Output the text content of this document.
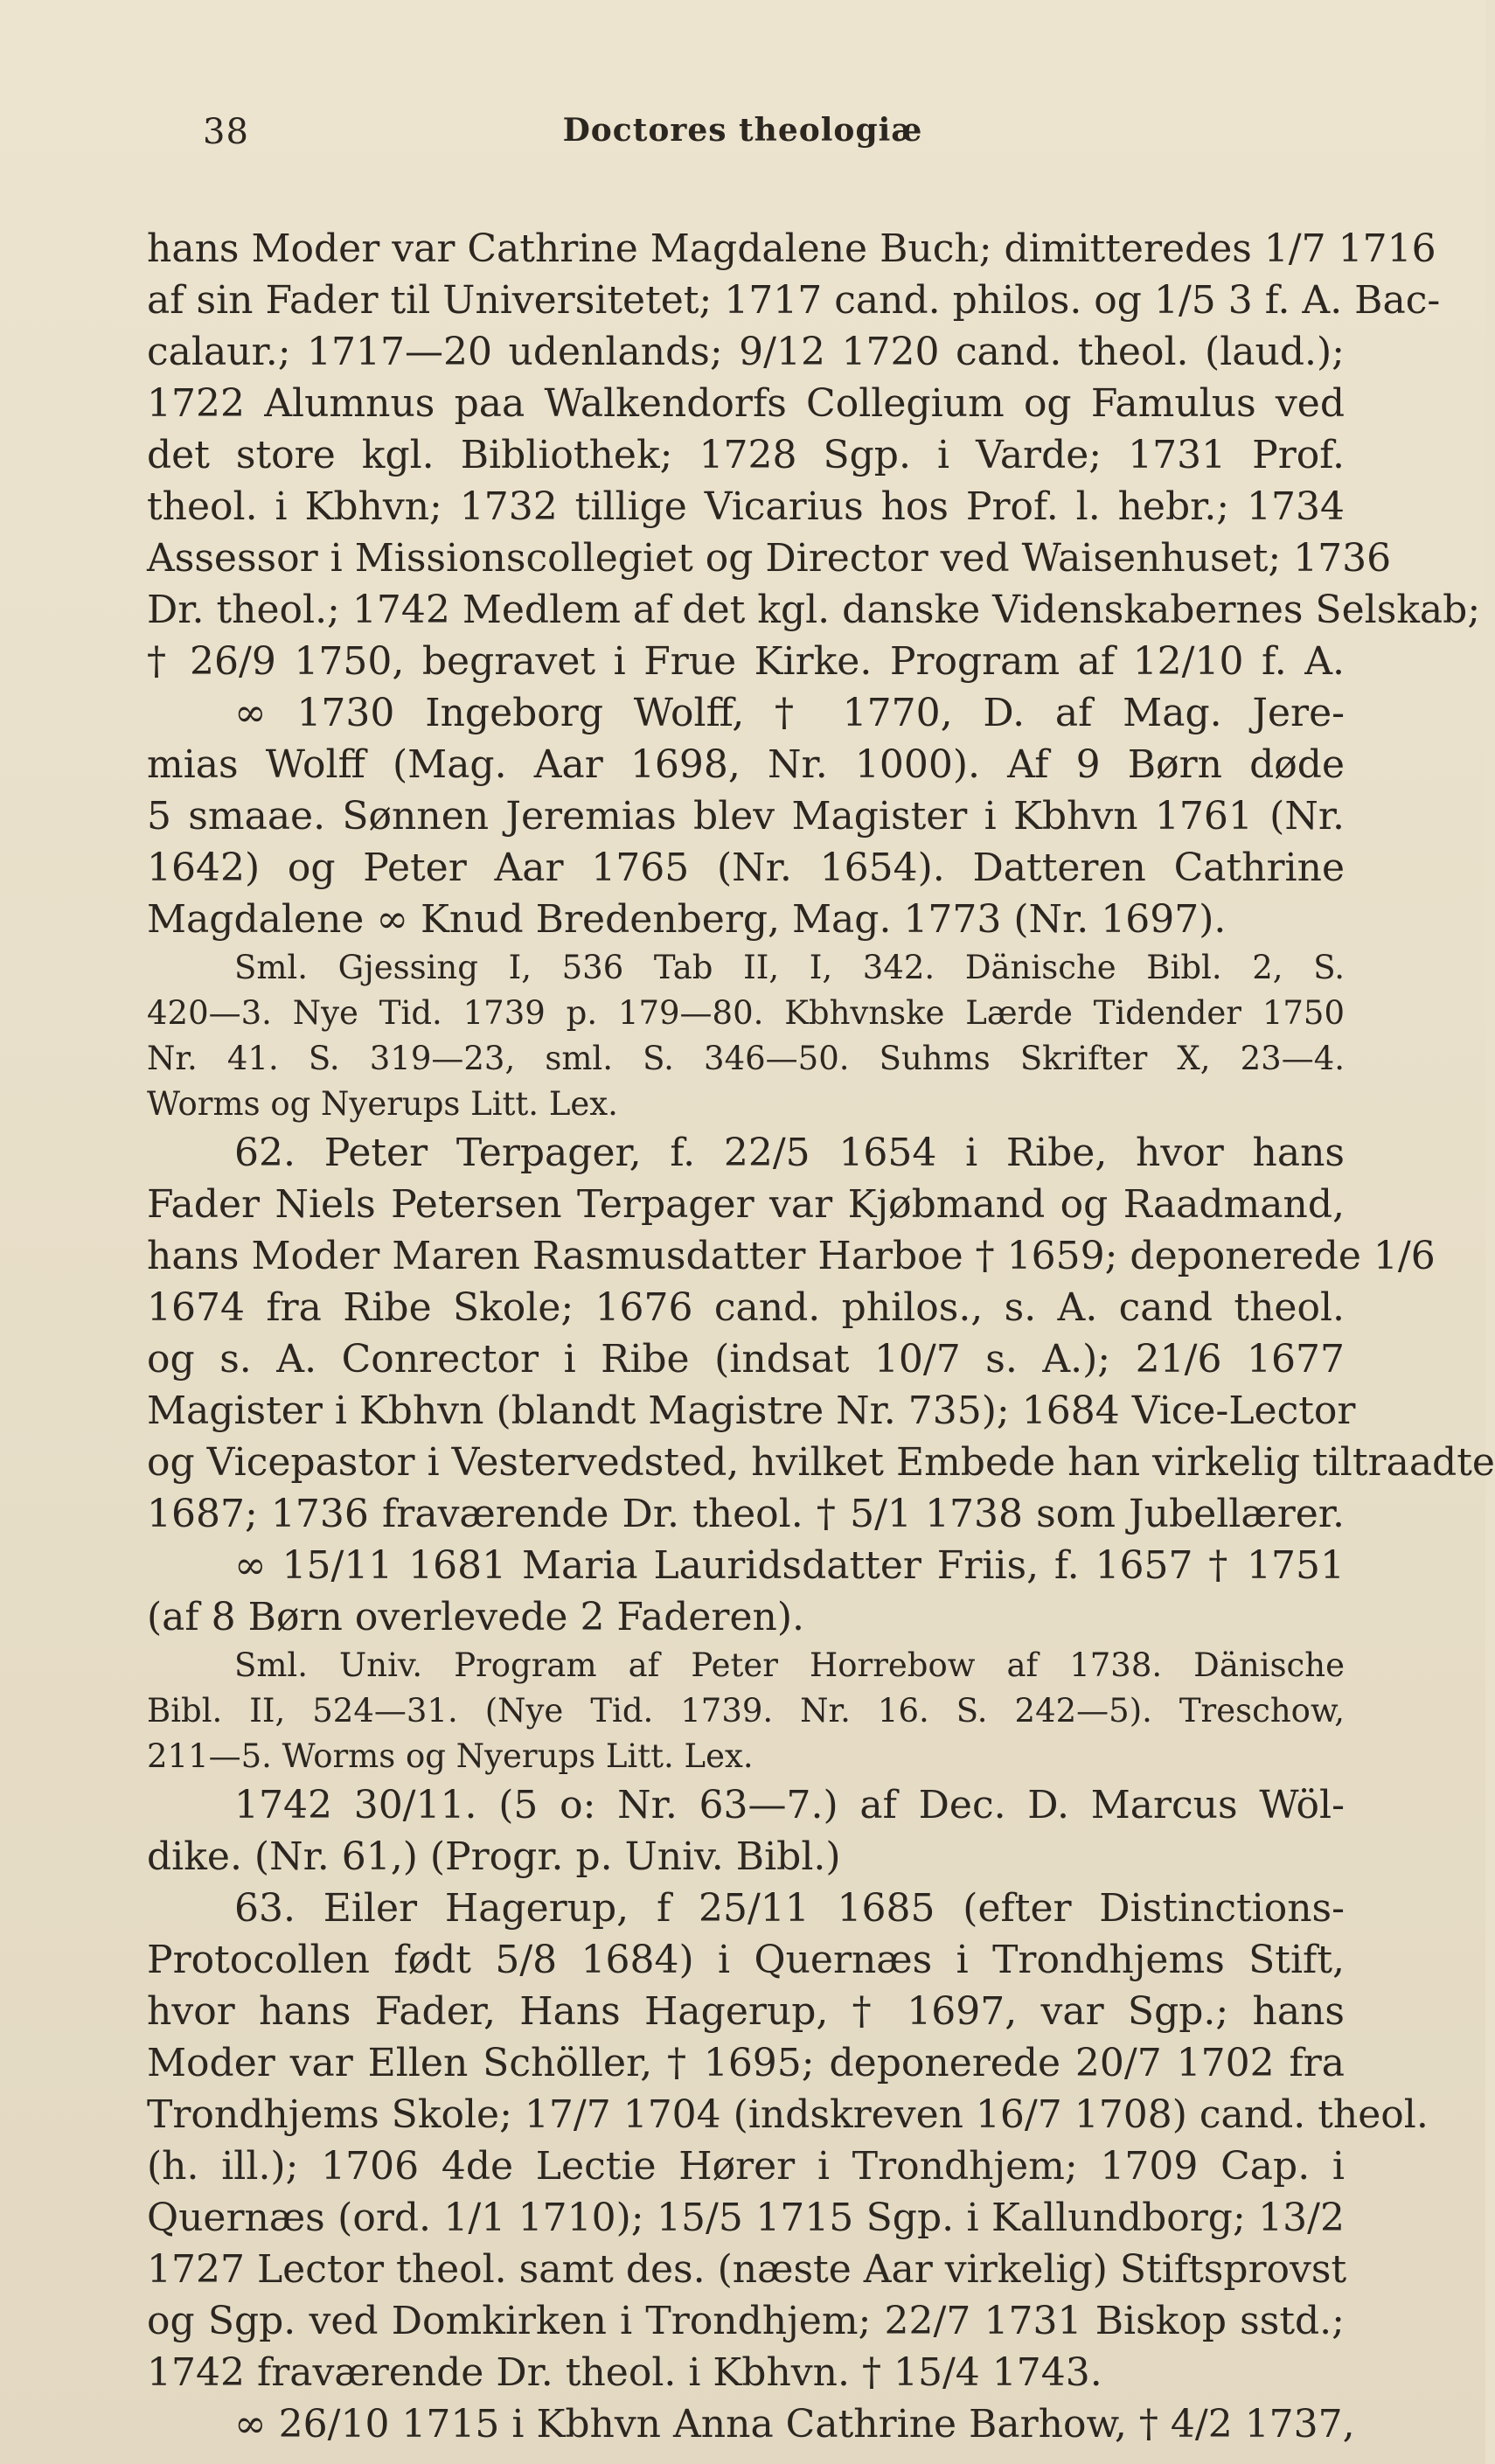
38	Doctores theologiæ
hans Moder var Cathrine Magdalene Buch; dimitteredes 1/7 1716
af sin Fader til Universitetet; 1717 cand. philos. og 1/5 3 f. A. Bac-
calaur.; 1717—20 udenlands; 9/12 1720 cand. theol. (laud.);
1722 Alumnus paa Walkendorfs Collegium og Famulus ved
det store kgl. Bibliothek; 1728 Sgp. i Varde; 1731 Prof.
theol. i Kbhvn; 1732 tillige Vicarius hos Prof. l. hebr.; 1734
Assessor i Missionscollegiet og Director ved Waisenhuset; 1736
Dr. theol.; 1742 Medlem af det kgl. danske Videnskabernes Selskab;
† 26/9 1750, begravet i Frue Kirke. Program af 12/10 f. A.
∞ 1730 Ingeborg Wolff, † 1770, D. af Mag. Jere-
mias Wolff (Mag. Aar 1698, Nr. 1000). Af 9 Børn døde
5 smaae. Sønnen Jeremias blev Magister i Kbhvn 1761 (Nr.
1642) og Peter Aar 1765 (Nr. 1654). Datteren Cathrine
Magdalene ∞ Knud Bredenberg, Mag. 1773 (Nr. 1697).
Sml. Gjessing I, 536 Tab II, I, 342. Dänische Bibl. 2, S.
420—3. Nye Tid. 1739 p. 179—80. Kbhvnske Lærde Tidender 1750
Nr. 41. S. 319—23, sml. S. 346—50. Suhms Skrifter X, 23—4.
Worms og Nyerups Litt. Lex.
62. Peter Terpager, f. 22/5 1654 i Ribe, hvor hans
Fader Niels Petersen Terpager var Kjøbmand og Raadmand,
hans Moder Maren Rasmusdatter Harboe † 1659; deponerede 1/6
1674 fra Ribe Skole; 1676 cand. philos., s. A. cand theol.
og s. A. Conrector i Ribe (indsat 10/7 s. A.); 21/6 1677
Magister i Kbhvn (blandt Magistre Nr. 735); 1684 Vice-Lector
og Vicepastor i Vestervedsted, hvilket Embede han virkelig tiltraadte
1687; 1736 fraværende Dr. theol. † 5/1 1738 som Jubellærer.
∞ 15/11 1681 Maria Lauridsdatter Friis, f. 1657 † 1751
(af 8 Børn overlevede 2 Faderen).
Sml. Univ. Program af Peter Horrebow af 1738. Dänische
Bibl. II, 524—31. (Nye Tid. 1739. Nr. 16. S. 242—5). Treschow,
211—5. Worms og Nyerups Litt. Lex.
1742 30/11. (5 o: Nr. 63—7.) af Dec. D. Marcus Wöl-
dike. (Nr. 61,) (Progr. p. Univ. Bibl.)
63. Eiler Hagerup, f 25/11 1685 (efter Distinctions-
Protocollen født 5/8 1684) i Quernæs i Trondhjems Stift,
hvor hans Fader, Hans Hagerup, † 1697, var Sgp.; hans
Moder var Ellen Schöller, † 1695; deponerede 20/7 1702 fra
Trondhjems Skole; 17/7 1704 (indskreven 16/7 1708) cand. theol.
(h. ill.); 1706 4de Lectie Hører i Trondhjem; 1709 Cap. i
Quernæs (ord. 1/1 1710); 15/5 1715 Sgp. i Kallundborg; 13/2
1727 Lector theol. samt des. (næste Aar virkelig) Stiftsprovst
og Sgp. ved Domkirken i Trondhjem; 22/7 1731 Biskop sstd.;
1742 fraværende Dr. theol. i Kbhvn. † 15/4 1743.
∞ 26/10 1715 i Kbhvn Anna Cathrine Barhow, † 4/2 1737,
